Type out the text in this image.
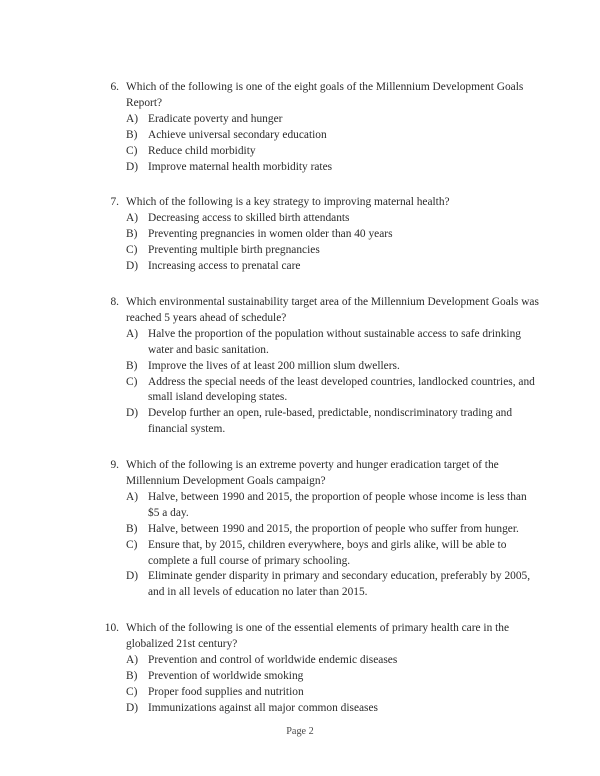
6. Which of the following is one of the eight goals of the Millennium Development Goals Report?
A) Eradicate poverty and hunger
B) Achieve universal secondary education
C) Reduce child morbidity
D) Improve maternal health morbidity rates
7. Which of the following is a key strategy to improving maternal health?
A) Decreasing access to skilled birth attendants
B) Preventing pregnancies in women older than 40 years
C) Preventing multiple birth pregnancies
D) Increasing access to prenatal care
8. Which environmental sustainability target area of the Millennium Development Goals was reached 5 years ahead of schedule?
A) Halve the proportion of the population without sustainable access to safe drinking water and basic sanitation.
B) Improve the lives of at least 200 million slum dwellers.
C) Address the special needs of the least developed countries, landlocked countries, and small island developing states.
D) Develop further an open, rule-based, predictable, nondiscriminatory trading and financial system.
9. Which of the following is an extreme poverty and hunger eradication target of the Millennium Development Goals campaign?
A) Halve, between 1990 and 2015, the proportion of people whose income is less than $5 a day.
B) Halve, between 1990 and 2015, the proportion of people who suffer from hunger.
C) Ensure that, by 2015, children everywhere, boys and girls alike, will be able to complete a full course of primary schooling.
D) Eliminate gender disparity in primary and secondary education, preferably by 2005, and in all levels of education no later than 2015.
10. Which of the following is one of the essential elements of primary health care in the globalized 21st century?
A) Prevention and control of worldwide endemic diseases
B) Prevention of worldwide smoking
C) Proper food supplies and nutrition
D) Immunizations against all major common diseases
Page 2
